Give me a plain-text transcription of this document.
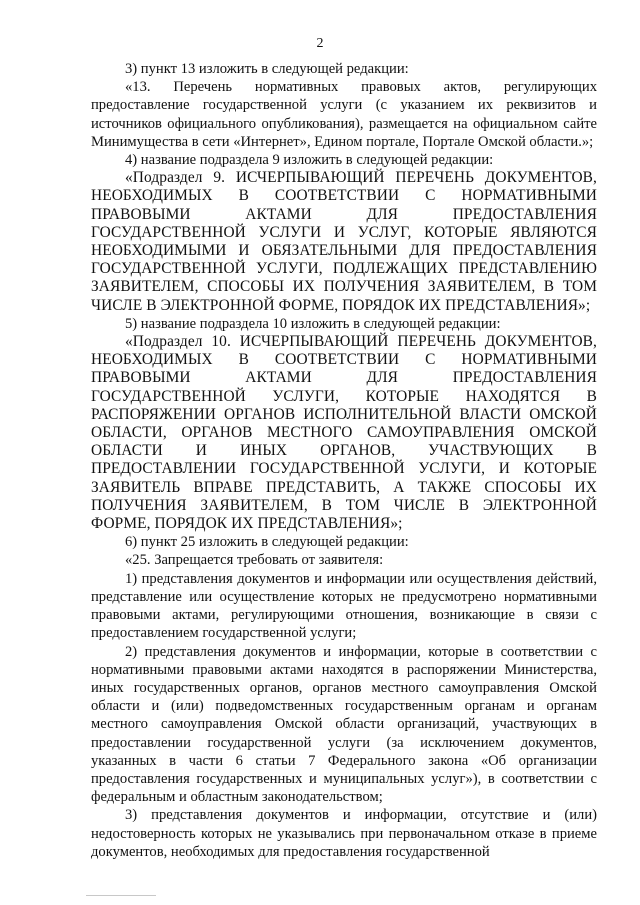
2

3) пункт 13 изложить в следующей редакции:

«13. Перечень нормативных правовых актов, регулирующих предоставление государственной услуги (с указанием их реквизитов и источников официального опубликования), размещается на официальном сайте Минимущества в сети «Интернет», Едином портале, Портале Омской области.»;

4) название подраздела 9 изложить в следующей редакции:

«Подраздел 9. ИСЧЕРПЫВАЮЩИЙ ПЕРЕЧЕНЬ ДОКУМЕНТОВ, НЕОБХОДИМЫХ В СООТВЕТСТВИИ С НОРМАТИВНЫМИ ПРАВОВЫМИ АКТАМИ ДЛЯ ПРЕДОСТАВЛЕНИЯ ГОСУДАРСТВЕННОЙ УСЛУГИ И УСЛУГ, КОТОРЫЕ ЯВЛЯЮТСЯ НЕОБХОДИМЫМИ И ОБЯЗАТЕЛЬНЫМИ ДЛЯ ПРЕДОСТАВЛЕНИЯ ГОСУДАРСТВЕННОЙ УСЛУГИ, ПОДЛЕЖАЩИХ ПРЕДСТАВЛЕНИЮ ЗАЯВИТЕЛЕМ, СПОСОБЫ ИХ ПОЛУЧЕНИЯ ЗАЯВИТЕЛЕМ, В ТОМ ЧИСЛЕ В ЭЛЕКТРОННОЙ ФОРМЕ, ПОРЯДОК ИХ ПРЕДСТАВЛЕНИЯ»;

5) название подраздела 10 изложить в следующей редакции:

«Подраздел 10. ИСЧЕРПЫВАЮЩИЙ ПЕРЕЧЕНЬ ДОКУМЕНТОВ, НЕОБХОДИМЫХ В СООТВЕТСТВИИ С НОРМАТИВНЫМИ ПРАВОВЫМИ АКТАМИ ДЛЯ ПРЕДОСТАВЛЕНИЯ ГОСУДАРСТВЕННОЙ УСЛУГИ, КОТОРЫЕ НАХОДЯТСЯ В РАСПОРЯЖЕНИИ ОРГАНОВ ИСПОЛНИТЕЛЬНОЙ ВЛАСТИ ОМСКОЙ ОБЛАСТИ, ОРГАНОВ МЕСТНОГО САМОУПРАВЛЕНИЯ ОМСКОЙ ОБЛАСТИ И ИНЫХ ОРГАНОВ, УЧАСТВУЮЩИХ В ПРЕДОСТАВЛЕНИИ ГОСУДАРСТВЕННОЙ УСЛУГИ, И КОТОРЫЕ ЗАЯВИТЕЛЬ ВПРАВЕ ПРЕДСТАВИТЬ, А ТАКЖЕ СПОСОБЫ ИХ ПОЛУЧЕНИЯ ЗАЯВИТЕЛЕМ, В ТОМ ЧИСЛЕ В ЭЛЕКТРОННОЙ ФОРМЕ, ПОРЯДОК ИХ ПРЕДСТАВЛЕНИЯ»;

6) пункт 25 изложить в следующей редакции:

«25. Запрещается требовать от заявителя:

1) представления документов и информации или осуществления действий, представление или осуществление которых не предусмотрено нормативными правовыми актами, регулирующими отношения, возникающие в связи с предоставлением государственной услуги;

2) представления документов и информации, которые в соответствии с нормативными правовыми актами находятся в распоряжении Министерства, иных государственных органов, органов местного самоуправления Омской области и (или) подведомственных государственным органам и органам местного самоуправления Омской области организаций, участвующих в предоставлении государственной услуги (за исключением документов, указанных в части 6 статьи 7 Федерального закона «Об организации предоставления государственных и муниципальных услуг»), в соответствии с федеральным и областным законодательством;

3) представления документов и информации, отсутствие и (или) недостоверность которых не указывались при первоначальном отказе в приеме документов, необходимых для предоставления государственной
